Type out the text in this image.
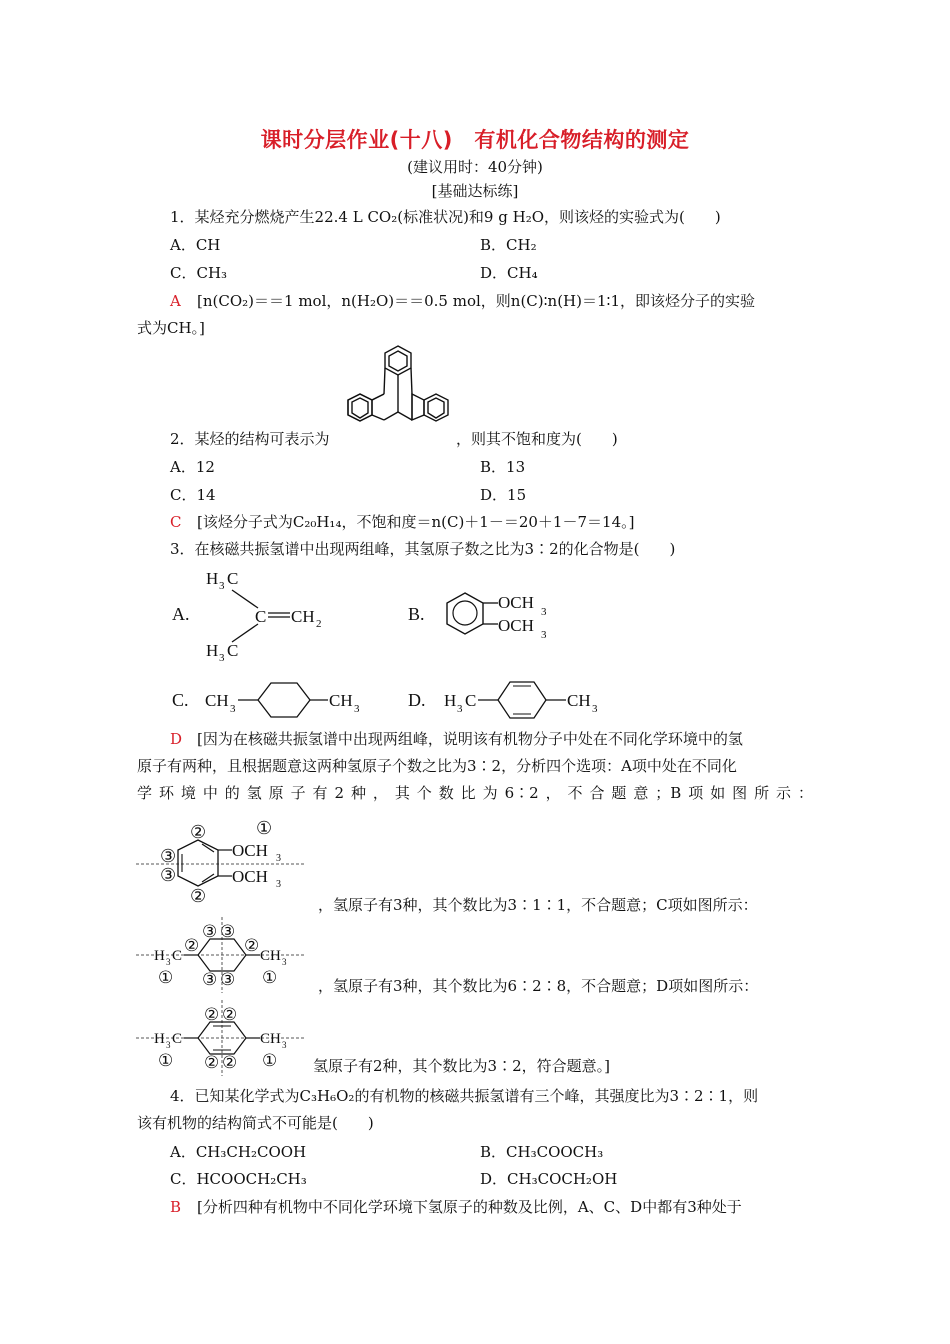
课时分层作业(十八)　有机化合物结构的测定
(建议用时：40分钟)
[基础达标练]
1．某烃充分燃烧产生22.4 L CO₂(标准状况)和9 g H₂O，则该烃的实验式为(　　)
A．CH	B．CH₂
C．CH₃	D．CH₄
A [n(CO₂)＝＝1 mol，n(H₂O)＝＝0.5 mol，则n(C)∶n(H)＝1∶1，即该烃分子的实验
式为CH。]
2．某烃的结构可表示为	，则其不饱和度为(　　)
A．12	B．13
C．14	D．15
C [该烃分子式为C₂₀H₁₄，不饱和度＝n(C)＋1－＝20＋1－7＝14。]
3．在核磁共振氢谱中出现两组峰，其氢原子数之比为3∶2的化合物是(　　)
A.
H 3 C
H 3 C
C CH 2	B.
OCH 3
OCH 3
C. CH 3	CH 3	D. H 3 C	CH 3
D [因为在核磁共振氢谱中出现两组峰，说明该有机物分子中处在不同化学环境中的氢
原子有两种，且根据题意这两种氢原子个数之比为3∶2，分析四个选项：A项中处在不同化
学环境中的氢原子有2种，其个数比为6∶2，不合题意；B项如图所示：
OCH 3
OCH 3
②	①
③
③
②	，氢原子有3种，其个数比为3∶1∶1，不合题意；C项如图所示：
H 3 C	CH 3
③ ③
②	②
③ ③
①	①	，氢原子有3种，其个数比为6∶2∶8，不合题意；D项如图所示：
H 3 C	CH 3
② ②
② ②
①	① 氢原子有2种，其个数比为3∶2，符合题意。]
4．已知某化学式为C₃H₆O₂的有机物的核磁共振氢谱有三个峰，其强度比为3∶2∶1，则
该有机物的结构简式不可能是(　　)
A．CH₃CH₂COOH	B．CH₃COOCH₃
C．HCOOCH₂CH₃	D．CH₃COCH₂OH
B [分析四种有机物中不同化学环境下氢原子的种数及比例，A、C、D中都有3种处于
